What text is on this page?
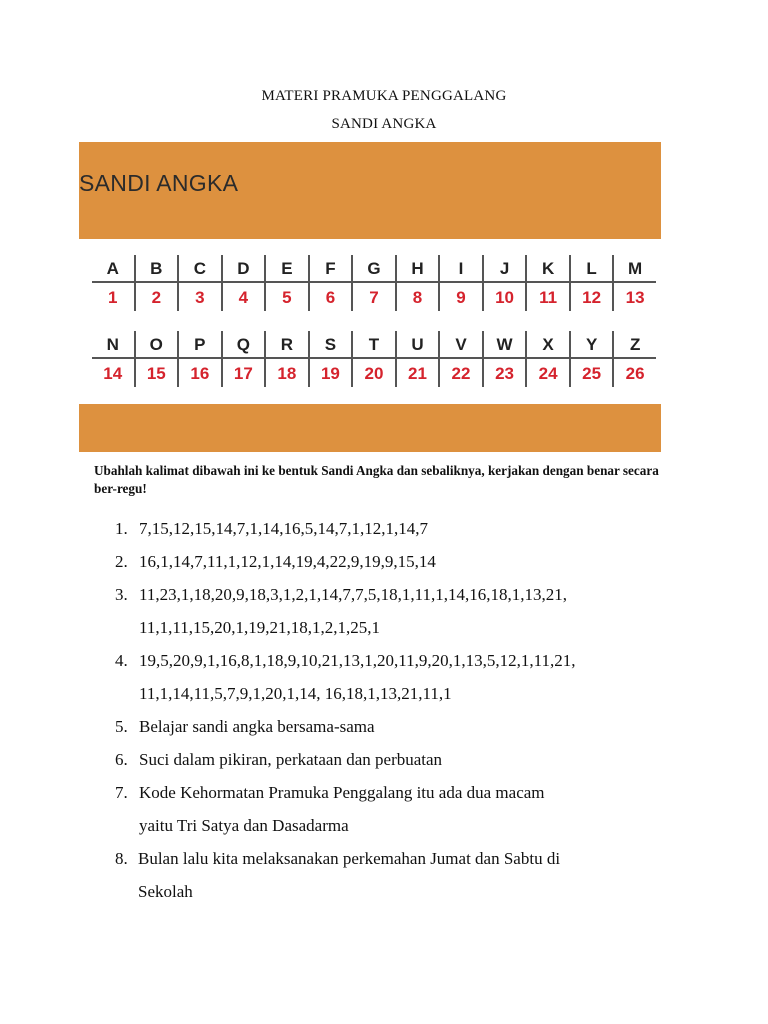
MATERI PRAMUKA PENGGALANG
SANDI ANGKA
SANDI ANGKA
A
1
B
2
C
3
D
4
E
5
F
6
G
7
H
8
I
9
J
10
K
11
L
12
M
13
N
14
O
15
P
16
Q
17
R
18
S
19
T
20
U
21
V
22
W
23
X
24
Y
25
Z
26
Ubahlah kalimat dibawah ini ke bentuk Sandi Angka dan sebaliknya, kerjakan dengan benar secara ber-regu!
1. 7,15,12,15,14,7,1,14,16,5,14,7,1,12,1,14,7
2. 16,1,14,7,11,1,12,1,14,19,4,22,9,19,9,15,14
3. 11,23,1,18,20,9,18,3,1,2,1,14,7,7,5,18,1,11,1,14,16,18,1,13,21,
11,1,11,15,20,1,19,21,18,1,2,1,25,1
4. 19,5,20,9,1,16,8,1,18,9,10,21,13,1,20,11,9,20,1,13,5,12,1,11,21,
11,1,14,11,5,7,9,1,20,1,14, 16,18,1,13,21,11,1
5. Belajar sandi angka bersama-sama
6. Suci dalam pikiran, perkataan dan perbuatan
7. Kode Kehormatan Pramuka Penggalang itu ada dua macam
yaitu Tri Satya dan Dasadarma
8. Bulan lalu kita melaksanakan perkemahan Jumat dan Sabtu di
Sekolah
